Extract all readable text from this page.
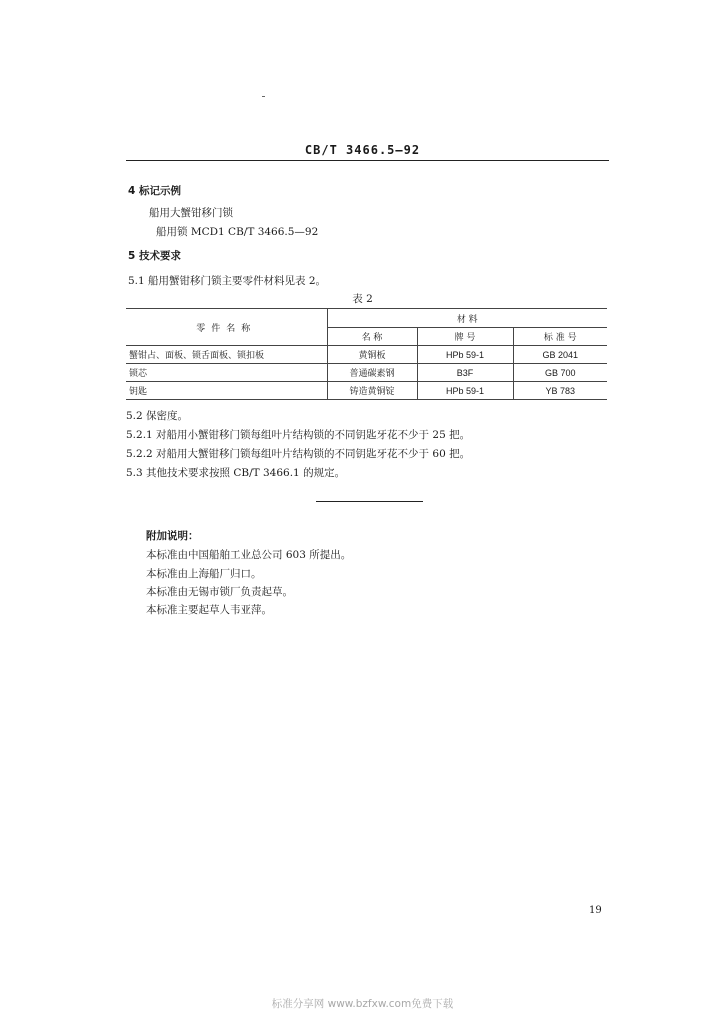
CB/T 3466.5—92
4 标记示例
船用大蟹钳移门锁
船用锁 MCD1 CB/T 3466.5—92
5 技术要求
5.1 船用蟹钳移门锁主要零件材料见表 2。
表 2
零件名称	材 料		
	名 称	牌 号	标 准 号
蟹钳占、面板、锁舌面板、锁扣板	黄铜板	HPb 59-1	GB 2041
锁芯	普通碳素钢	B3F	GB 700
钥匙	铸造黄铜锭	HPb 59-1	YB 783
5.2 保密度。
5.2.1 对船用小蟹钳移门锁每组叶片结构锁的不同钥匙牙花不少于 25 把。
5.2.2 对船用大蟹钳移门锁每组叶片结构锁的不同钥匙牙花不少于 60 把。
5.3 其他技术要求按照 CB/T 3466.1 的规定。
附加说明：
本标准由中国船舶工业总公司 603 所提出。
本标准由上海船厂归口。
本标准由无锡市锁厂负责起草。
本标准主要起草人韦亚萍。
19
标准分享网 www.bzfxw.com免费下载
